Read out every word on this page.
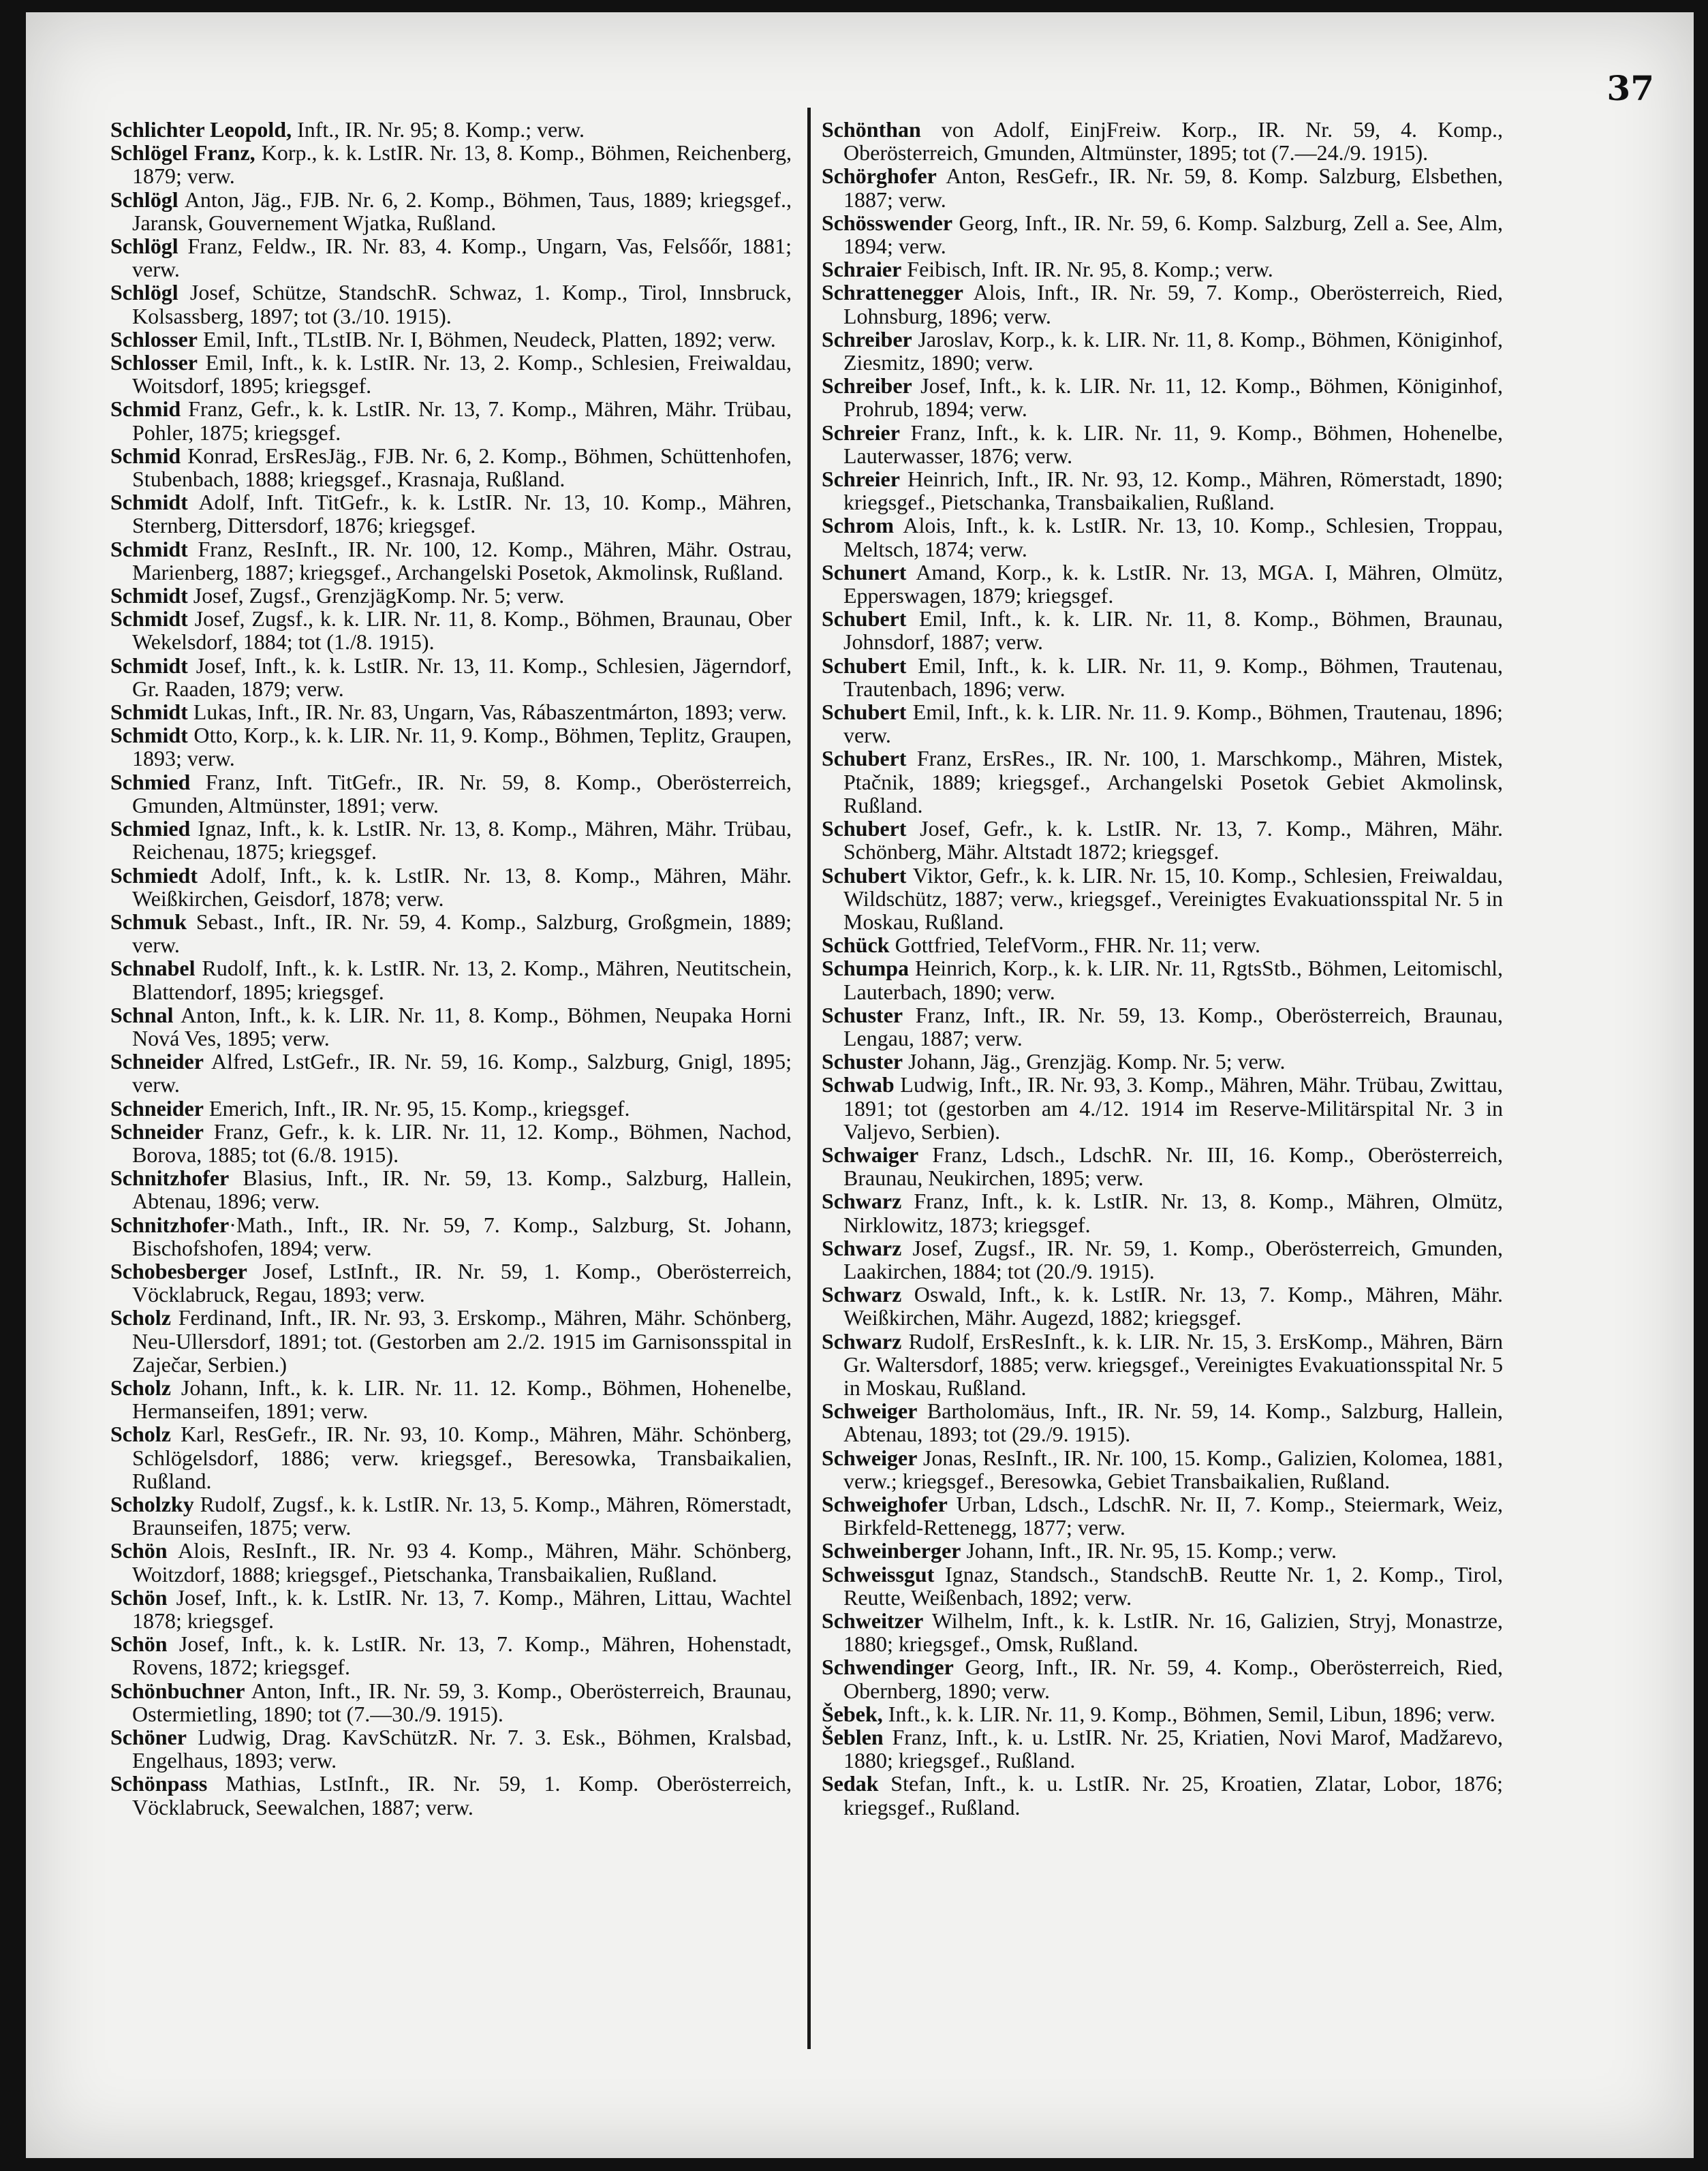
37

Schlichter Leopold, Inft., IR. Nr. 95; 8. Komp.; verw.

Schlögel Franz, Korp., k. k. LstIR. Nr. 13, 8. Komp., Böhmen, Reichenberg, 1879; verw.

Schlögl Anton, Jäg., FJB. Nr. 6, 2. Komp., Böhmen, Taus, 1889; kriegsgef., Jaransk, Gouvernement Wjatka, Rußland.

Schlögl Franz, Feldw., IR. Nr. 83, 4. Komp., Ungarn, Vas, Felsőőr, 1881; verw.

Schlögl Josef, Schütze, StandschR. Schwaz, 1. Komp., Tirol, Innsbruck, Kolsassberg, 1897; tot (3./10. 1915).

Schlosser Emil, Inft., TLstIB. Nr. I, Böhmen, Neudeck, Platten, 1892; verw.

Schlosser Emil, Inft., k. k. LstIR. Nr. 13, 2. Komp., Schlesien, Freiwaldau, Woitsdorf, 1895; kriegsgef.

Schmid Franz, Gefr., k. k. LstIR. Nr. 13, 7. Komp., Mähren, Mähr. Trübau, Pohler, 1875; kriegsgef.

Schmid Konrad, ErsResJäg., FJB. Nr. 6, 2. Komp., Böhmen, Schüttenhofen, Stubenbach, 1888; kriegsgef., Krasnaja, Rußland.

Schmidt Adolf, Inft. TitGefr., k. k. LstIR. Nr. 13, 10. Komp., Mähren, Sternberg, Dittersdorf, 1876; kriegsgef.

Schmidt Franz, ResInft., IR. Nr. 100, 12. Komp., Mähren, Mähr. Ostrau, Marienberg, 1887; kriegsgef., Archangelski Posetok, Akmolinsk, Rußland.

Schmidt Josef, Zugsf., GrenzjägKomp. Nr. 5; verw.

Schmidt Josef, Zugsf., k. k. LIR. Nr. 11, 8. Komp., Böhmen, Braunau, Ober Wekelsdorf, 1884; tot (1./8. 1915).

Schmidt Josef, Inft., k. k. LstIR. Nr. 13, 11. Komp., Schlesien, Jägerndorf, Gr. Raaden, 1879; verw.

Schmidt Lukas, Inft., IR. Nr. 83, Ungarn, Vas, Rábaszentmárton, 1893; verw.

Schmidt Otto, Korp., k. k. LIR. Nr. 11, 9. Komp., Böhmen, Teplitz, Graupen, 1893; verw.

Schmied Franz, Inft. TitGefr., IR. Nr. 59, 8. Komp., Oberösterreich, Gmunden, Altmünster, 1891; verw.

Schmied Ignaz, Inft., k. k. LstIR. Nr. 13, 8. Komp., Mähren, Mähr. Trübau, Reichenau, 1875; kriegsgef.

Schmiedt Adolf, Inft., k. k. LstIR. Nr. 13, 8. Komp., Mähren, Mähr. Weißkirchen, Geisdorf, 1878; verw.

Schmuk Sebast., Inft., IR. Nr. 59, 4. Komp., Salzburg, Großgmein, 1889; verw.

Schnabel Rudolf, Inft., k. k. LstIR. Nr. 13, 2. Komp., Mähren, Neutitschein, Blattendorf, 1895; kriegsgef.

Schnal Anton, Inft., k. k. LIR. Nr. 11, 8. Komp., Böhmen, Neupaka Horni Nová Ves, 1895; verw.

Schneider Alfred, LstGefr., IR. Nr. 59, 16. Komp., Salzburg, Gnigl, 1895; verw.

Schneider Emerich, Inft., IR. Nr. 95, 15. Komp., kriegsgef.

Schneider Franz, Gefr., k. k. LIR. Nr. 11, 12. Komp., Böhmen, Nachod, Borova, 1885; tot (6./8. 1915).

Schnitzhofer Blasius, Inft., IR. Nr. 59, 13. Komp., Salzburg, Hallein, Abtenau, 1896; verw.

Schnitzhofer·Math., Inft., IR. Nr. 59, 7. Komp., Salzburg, St. Johann, Bischofshofen, 1894; verw.

Schobesberger Josef, LstInft., IR. Nr. 59, 1. Komp., Oberösterreich, Vöcklabruck, Regau, 1893; verw.

Scholz Ferdinand, Inft., IR. Nr. 93, 3. Erskomp., Mähren, Mähr. Schönberg, Neu-Ullersdorf, 1891; tot. (Gestorben am 2./2. 1915 im Garnisonsspital in Zaječar, Serbien.)

Scholz Johann, Inft., k. k. LIR. Nr. 11. 12. Komp., Böhmen, Hohenelbe, Hermanseifen, 1891; verw.

Scholz Karl, ResGefr., IR. Nr. 93, 10. Komp., Mähren, Mähr. Schönberg, Schlögelsdorf, 1886; verw. kriegsgef., Beresowka, Transbaikalien, Rußland.

Scholzky Rudolf, Zugsf., k. k. LstIR. Nr. 13, 5. Komp., Mähren, Römerstadt, Braunseifen, 1875; verw.

Schön Alois, ResInft., IR. Nr. 93 4. Komp., Mähren, Mähr. Schönberg, Woitzdorf, 1888; kriegsgef., Pietschanka, Transbaikalien, Rußland.

Schön Josef, Inft., k. k. LstIR. Nr. 13, 7. Komp., Mähren, Littau, Wachtel 1878; kriegsgef.

Schön Josef, Inft., k. k. LstIR. Nr. 13, 7. Komp., Mähren, Hohenstadt, Rovens, 1872; kriegsgef.

Schönbuchner Anton, Inft., IR. Nr. 59, 3. Komp., Oberösterreich, Braunau, Ostermietling, 1890; tot (7.—30./9. 1915).

Schöner Ludwig, Drag. KavSchützR. Nr. 7. 3. Esk., Böhmen, Kralsbad, Engelhaus, 1893; verw.

Schönpass Mathias, LstInft., IR. Nr. 59, 1. Komp. Oberösterreich, Vöcklabruck, Seewalchen, 1887; verw.

Schönthan von Adolf, EinjFreiw. Korp., IR. Nr. 59, 4. Komp., Oberösterreich, Gmunden, Altmünster, 1895; tot (7.—24./9. 1915).

Schörghofer Anton, ResGefr., IR. Nr. 59, 8. Komp. Salzburg, Elsbethen, 1887; verw.

Schösswender Georg, Inft., IR. Nr. 59, 6. Komp. Salzburg, Zell a. See, Alm, 1894; verw.

Schraier Feibisch, Inft. IR. Nr. 95, 8. Komp.; verw.

Schrattenegger Alois, Inft., IR. Nr. 59, 7. Komp., Oberösterreich, Ried, Lohnsburg, 1896; verw.

Schreiber Jaroslav, Korp., k. k. LIR. Nr. 11, 8. Komp., Böhmen, Königinhof, Ziesmitz, 1890; verw.

Schreiber Josef, Inft., k. k. LIR. Nr. 11, 12. Komp., Böhmen, Königinhof, Prohrub, 1894; verw.

Schreier Franz, Inft., k. k. LIR. Nr. 11, 9. Komp., Böhmen, Hohenelbe, Lauterwasser, 1876; verw.

Schreier Heinrich, Inft., IR. Nr. 93, 12. Komp., Mähren, Römerstadt, 1890; kriegsgef., Pietschanka, Transbaikalien, Rußland.

Schrom Alois, Inft., k. k. LstIR. Nr. 13, 10. Komp., Schlesien, Troppau, Meltsch, 1874; verw.

Schunert Amand, Korp., k. k. LstIR. Nr. 13, MGA. I, Mähren, Olmütz, Epperswagen, 1879; kriegsgef.

Schubert Emil, Inft., k. k. LIR. Nr. 11, 8. Komp., Böhmen, Braunau, Johnsdorf, 1887; verw.

Schubert Emil, Inft., k. k. LIR. Nr. 11, 9. Komp., Böhmen, Trautenau, Trautenbach, 1896; verw.

Schubert Emil, Inft., k. k. LIR. Nr. 11. 9. Komp., Böhmen, Trautenau, 1896; verw.

Schubert Franz, ErsRes., IR. Nr. 100, 1. Marschkomp., Mähren, Mistek, Ptačnik, 1889; kriegsgef., Archangelski Posetok Gebiet Akmolinsk, Rußland.

Schubert Josef, Gefr., k. k. LstIR. Nr. 13, 7. Komp., Mähren, Mähr. Schönberg, Mähr. Altstadt 1872; kriegsgef.

Schubert Viktor, Gefr., k. k. LIR. Nr. 15, 10. Komp., Schlesien, Freiwaldau, Wildschütz, 1887; verw., kriegsgef., Vereinigtes Evakuationsspital Nr. 5 in Moskau, Rußland.

Schück Gottfried, TelefVorm., FHR. Nr. 11; verw.

Schumpa Heinrich, Korp., k. k. LIR. Nr. 11, RgtsStb., Böhmen, Leitomischl, Lauterbach, 1890; verw.

Schuster Franz, Inft., IR. Nr. 59, 13. Komp., Oberösterreich, Braunau, Lengau, 1887; verw.

Schuster Johann, Jäg., Grenzjäg. Komp. Nr. 5; verw.

Schwab Ludwig, Inft., IR. Nr. 93, 3. Komp., Mähren, Mähr. Trübau, Zwittau, 1891; tot (gestorben am 4./12. 1914 im Reserve-Militärspital Nr. 3 in Valjevo, Serbien).

Schwaiger Franz, Ldsch., LdschR. Nr. III, 16. Komp., Oberösterreich, Braunau, Neukirchen, 1895; verw.

Schwarz Franz, Inft., k. k. LstIR. Nr. 13, 8. Komp., Mähren, Olmütz, Nirklowitz, 1873; kriegsgef.

Schwarz Josef, Zugsf., IR. Nr. 59, 1. Komp., Oberösterreich, Gmunden, Laakirchen, 1884; tot (20./9. 1915).

Schwarz Oswald, Inft., k. k. LstIR. Nr. 13, 7. Komp., Mähren, Mähr. Weißkirchen, Mähr. Augezd, 1882; kriegsgef.

Schwarz Rudolf, ErsResInft., k. k. LIR. Nr. 15, 3. ErsKomp., Mähren, Bärn Gr. Waltersdorf, 1885; verw. kriegsgef., Vereinigtes Evakuationsspital Nr. 5 in Moskau, Rußland.

Schweiger Bartholomäus, Inft., IR. Nr. 59, 14. Komp., Salzburg, Hallein, Abtenau, 1893; tot (29./9. 1915).

Schweiger Jonas, ResInft., IR. Nr. 100, 15. Komp., Galizien, Kolomea, 1881, verw.; kriegsgef., Beresowka, Gebiet Transbaikalien, Rußland.

Schweighofer Urban, Ldsch., LdschR. Nr. II, 7. Komp., Steiermark, Weiz, Birkfeld-Rettenegg, 1877; verw.

Schweinberger Johann, Inft., IR. Nr. 95, 15. Komp.; verw.

Schweissgut Ignaz, Standsch., StandschB. Reutte Nr. 1, 2. Komp., Tirol, Reutte, Weißenbach, 1892; verw.

Schweitzer Wilhelm, Inft., k. k. LstIR. Nr. 16, Galizien, Stryj, Monastrze, 1880; kriegsgef., Omsk, Rußland.

Schwendinger Georg, Inft., IR. Nr. 59, 4. Komp., Oberösterreich, Ried, Obernberg, 1890; verw.

Šebek, Inft., k. k. LIR. Nr. 11, 9. Komp., Böhmen, Semil, Libun, 1896; verw.

Šeblen Franz, Inft., k. u. LstIR. Nr. 25, Kriatien, Novi Marof, Madžarevo, 1880; kriegsgef., Rußland.

Sedak Stefan, Inft., k. u. LstIR. Nr. 25, Kroatien, Zlatar, Lobor, 1876; kriegsgef., Rußland.
